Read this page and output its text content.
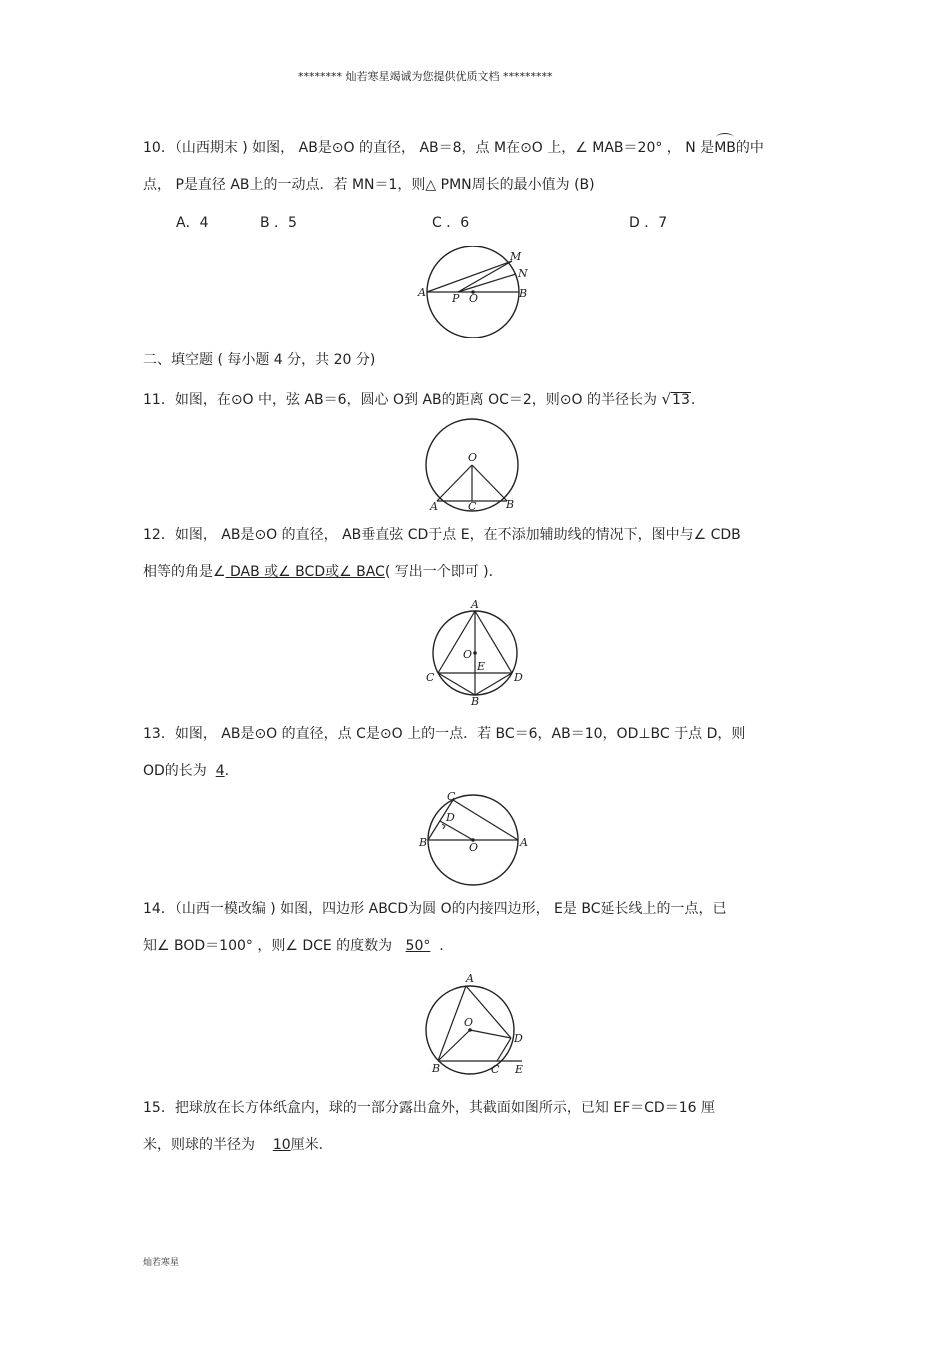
******** 灿若寒星竭诚为您提供优质文档 *********
10．（山西期末 ) 如图， AB是⊙O 的直径， AB＝8，点 M在⊙O 上，∠ MAB＝20° ， N 是
MB的中
点， P是直径 AB上的一动点．若 MN＝1，则△ PMN周长的最小值为 (B)
A．4	B ．5	C ．6	D ．7
A P O	B
M
N
二、填空题 ( 每小题 4 分，共 20 分)
11．如图，在⊙O 中，弦 AB＝6，圆心 O到 AB的距离 OC＝2，则⊙O 的半径长为 √13.
O
A	C	B
12．如图， AB是⊙O 的直径， AB垂直弦 CD于点 E，在不添加辅助线的情况下，图中与∠ CDB
相等的角是∠ DAB 或∠ BCD或∠ BAC( 写出一个即可 )．
A
O
E
C	D
B
13．如图， AB是⊙O 的直径，点 C是⊙O 上的一点．若 BC＝6，AB＝10，OD⊥BC 于点 D，则
OD的长为 4.
C
D
B	O	A
14．（山西一模改编 ) 如图，四边形 ABCD为圆 O的内接四边形， E是 BC延长线上的一点，已
知∠ BOD＝100° ，则∠ DCE 的度数为 50° .
A
O
D
B	C E
15．把球放在长方体纸盒内，球的一部分露出盒外，其截面如图所示，已知 EF＝CD＝16 厘
米，则球的半径为 10厘米.
灿若寒星
